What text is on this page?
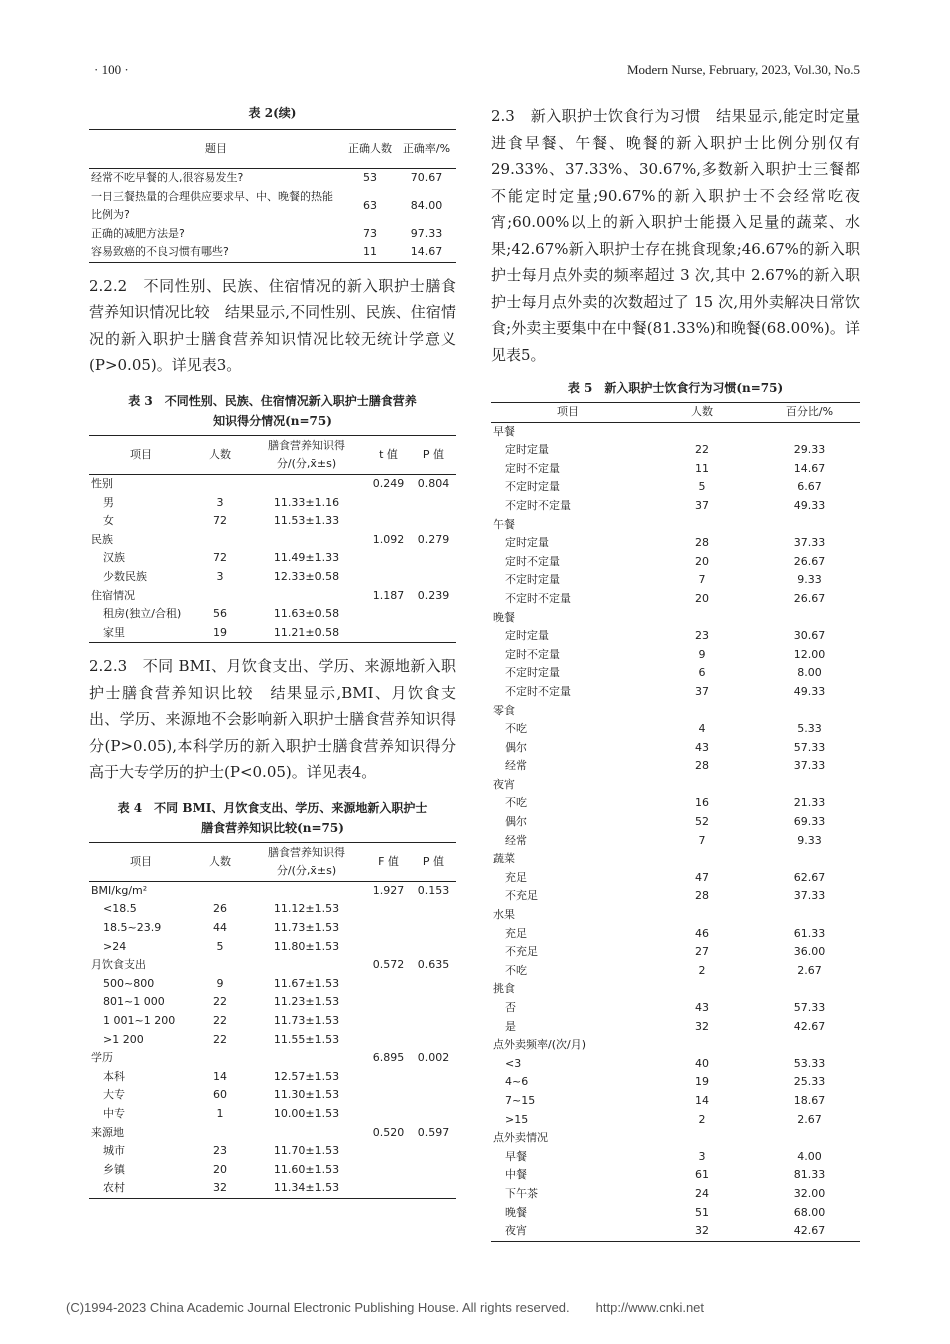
· 100 ·	Modern Nurse, February, 2023, Vol.30, No.5

表 2(续)

题目	正确人数	正确率/%
经常不吃早餐的人,很容易发生?	53	70.67
一日三餐热量的合理供应要求早、中、晚餐的热能比例为?	63	84.00
正确的减肥方法是?	73	97.33
容易致癌的不良习惯有哪些?	11	14.67

2.2.2　不同性别、民族、住宿情况的新入职护士膳食营养知识情况比较　结果显示,不同性别、民族、住宿情况的新入职护士膳食营养知识情况比较无统计学意义(P>0.05)。详见表3。

表 3　不同性别、民族、住宿情况新入职护士膳食营养

知识得分情况(n=75)

项目	人数	膳食营养知识得分/(分,x̄±s)	t 值	P 值
性别			0.249	0.804
男	3	11.33±1.16		
女	72	11.53±1.33		
民族			1.092	0.279
汉族	72	11.49±1.33		
少数民族	3	12.33±0.58		
住宿情况			1.187	0.239
租房(独立/合租)	56	11.63±0.58		
家里	19	11.21±0.58		

2.2.3　不同 BMI、月饮食支出、学历、来源地新入职护士膳食营养知识比较　结果显示,BMI、月饮食支出、学历、来源地不会影响新入职护士膳食营养知识得分(P>0.05),本科学历的新入职护士膳食营养知识得分高于大专学历的护士(P<0.05)。详见表4。

表 4　不同 BMI、月饮食支出、学历、来源地新入职护士

膳食营养知识比较(n=75)

项目	人数	膳食营养知识得分/(分,x̄±s)	F 值	P 值
BMI/kg/m²			1.927	0.153
<18.5	26	11.12±1.53		
18.5~23.9	44	11.73±1.53		
>24	5	11.80±1.53		
月饮食支出			0.572	0.635
500~800	9	11.67±1.53		
801~1 000	22	11.23±1.53		
1 001~1 200	22	11.73±1.53		
>1 200	22	11.55±1.53		
学历			6.895	0.002
本科	14	12.57±1.53		
大专	60	11.30±1.53		
中专	1	10.00±1.53		
来源地			0.520	0.597
城市	23	11.70±1.53		
乡镇	20	11.60±1.53		
农村	32	11.34±1.53		

2.3　新入职护士饮食行为习惯　结果显示,能定时定量进食早餐、午餐、晚餐的新入职护士比例分别仅有 29.33%、37.33%、30.67%,多数新入职护士三餐都不能定时定量;90.67%的新入职护士不会经常吃夜宵;60.00%以上的新入职护士能摄入足量的蔬菜、水果;42.67%新入职护士存在挑食现象;46.67%的新入职护士每月点外卖的频率超过 3 次,其中 2.67%的新入职护士每月点外卖的次数超过了 15 次,用外卖解决日常饮食;外卖主要集中在中餐(81.33%)和晚餐(68.00%)。详见表5。

表 5　新入职护士饮食行为习惯(n=75)

项目	人数	百分比/%
早餐		
定时定量	22	29.33
定时不定量	11	14.67
不定时定量	5	6.67
不定时不定量	37	49.33
午餐		
定时定量	28	37.33
定时不定量	20	26.67
不定时定量	7	9.33
不定时不定量	20	26.67
晚餐		
定时定量	23	30.67
定时不定量	9	12.00
不定时定量	6	8.00
不定时不定量	37	49.33
零食		
不吃	4	5.33
偶尔	43	57.33
经常	28	37.33
夜宵		
不吃	16	21.33
偶尔	52	69.33
经常	7	9.33
蔬菜		
充足	47	62.67
不充足	28	37.33
水果		
充足	46	61.33
不充足	27	36.00
不吃	2	2.67
挑食		
否	43	57.33
是	32	42.67
点外卖频率/(次/月)		
<3	40	53.33
4~6	19	25.33
7~15	14	18.67
>15	2	2.67
点外卖情况		
早餐	3	4.00
中餐	61	81.33
下午茶	24	32.00
晚餐	51	68.00
夜宵	32	42.67
(C)1994-2023 China Academic Journal Electronic Publishing House. All rights reserved.　　http://www.cnki.net
